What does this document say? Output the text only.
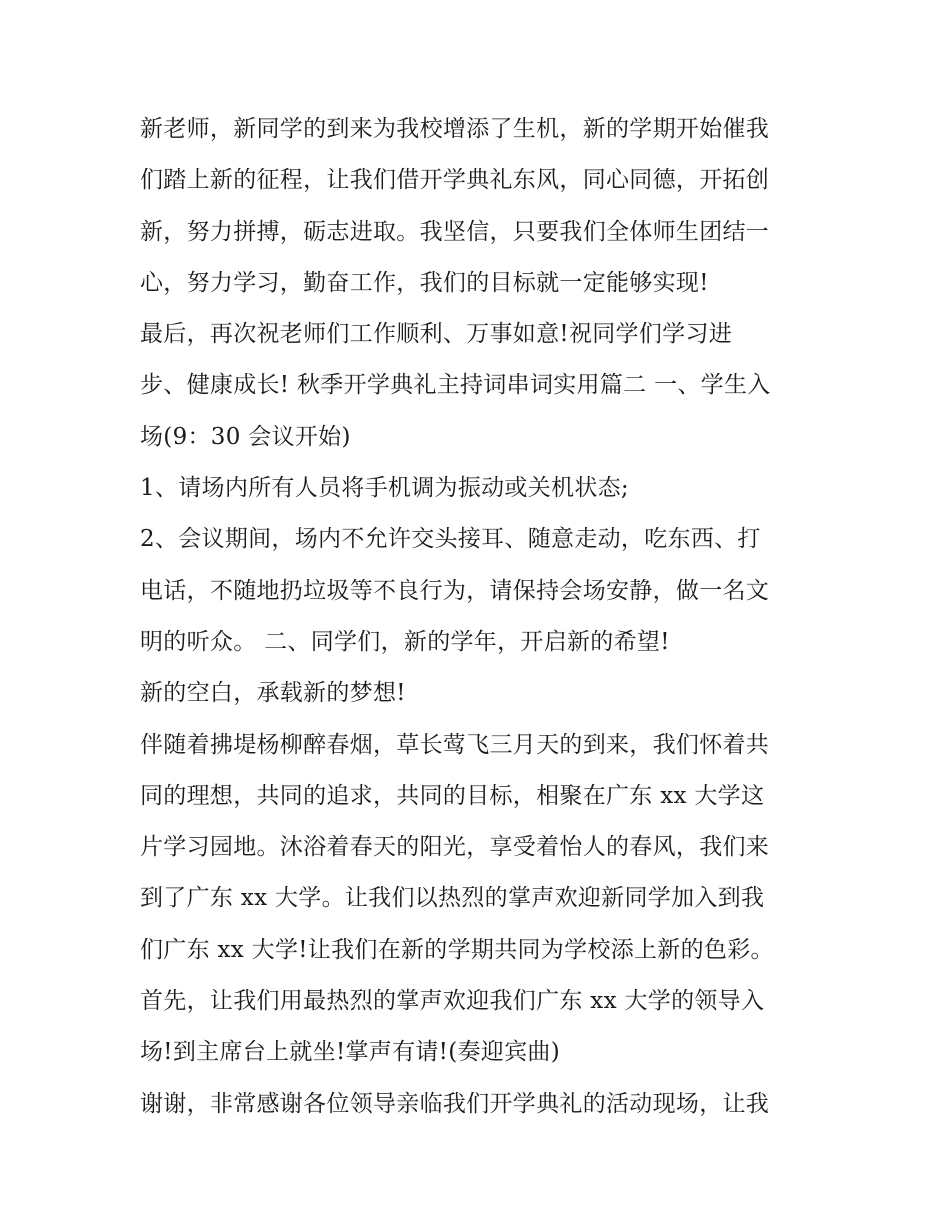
新老师，新同学的到来为我校增添了生机，新的学期开始催我
们踏上新的征程，让我们借开学典礼东风，同心同德，开拓创
新，努力拼搏，砺志进取。我坚信，只要我们全体师生团结一
心，努力学习，勤奋工作，我们的目标就一定能够实现!
最后，再次祝老师们工作顺利、万事如意!祝同学们学习进
步、健康成长! 秋季开学典礼主持词串词实用篇二 一、学生入
场(9：30 会议开始)
1、请场内所有人员将手机调为振动或关机状态;
2、会议期间，场内不允许交头接耳、随意走动，吃东西、打
电话，不随地扔垃圾等不良行为，请保持会场安静，做一名文
明的听众。 二、同学们，新的学年，开启新的希望!
新的空白，承载新的梦想!
伴随着拂堤杨柳醉春烟，草长莺飞三月天的到来，我们怀着共
同的理想，共同的追求，共同的目标，相聚在广东 xx 大学这
片学习园地。沐浴着春天的阳光，享受着怡人的春风，我们来
到了广东 xx 大学。让我们以热烈的掌声欢迎新同学加入到我
们广东 xx 大学!让我们在新的学期共同为学校添上新的色彩。
首先，让我们用最热烈的掌声欢迎我们广东 xx 大学的领导入
场!到主席台上就坐!掌声有请!(奏迎宾曲)
谢谢，非常感谢各位领导亲临我们开学典礼的活动现场，让我
